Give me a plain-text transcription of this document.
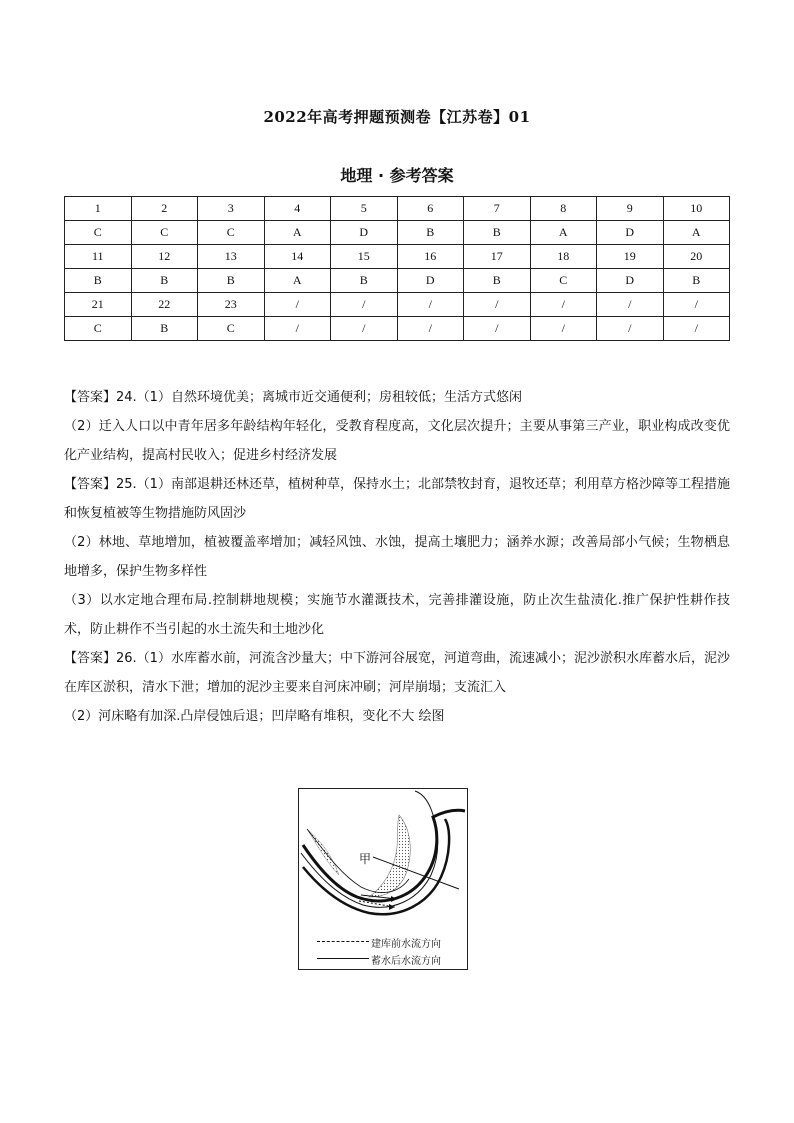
2022年高考押题预测卷【江苏卷】01
地理 · 参考答案
1	2	3	4	5	6	7	8	9	10
C	C	C	A	D	B	B	A	D	A
11	12	13	14	15	16	17	18	19	20
B	B	B	A	B	D	B	C	D	B
21	22	23	/	/	/	/	/	/	/
C	B	C	/	/	/	/	/	/	/

【答案】24.（1）自然环境优美；离城市近交通便利；房租较低；生活方式悠闲

（2）迁入人口以中青年居多年龄结构年轻化，受教育程度高，文化层次提升；主要从事第三产业，职业构成改变优化产业结构，提高村民收入；促进乡村经济发展

【答案】25.（1）南部退耕还林还草，植树种草，保持水土；北部禁牧封育，退牧还草；利用草方格沙障等工程措施和恢复植被等生物措施防风固沙

（2）林地、草地增加，植被覆盖率增加；减轻风蚀、水蚀，提高土壤肥力；涵养水源；改善局部小气候；生物栖息地增多，保护生物多样性

（3）以水定地合理布局.控制耕地规模；实施节水灌溉技术，完善排灌设施，防止次生盐渍化.推广保护性耕作技术，防止耕作不当引起的水土流失和土地沙化

【答案】26.（1）水库蓄水前，河流含沙量大；中下游河谷展宽，河道弯曲，流速减小；泥沙淤积水库蓄水后，泥沙在库区淤积，清水下泄；增加的泥沙主要来自河床冲刷；河岸崩塌；支流汇入

（2）河床略有加深.凸岸侵蚀后退；凹岸略有堆积，变化不大 绘图

甲
建库前水流方向
蓄水后水流方向
